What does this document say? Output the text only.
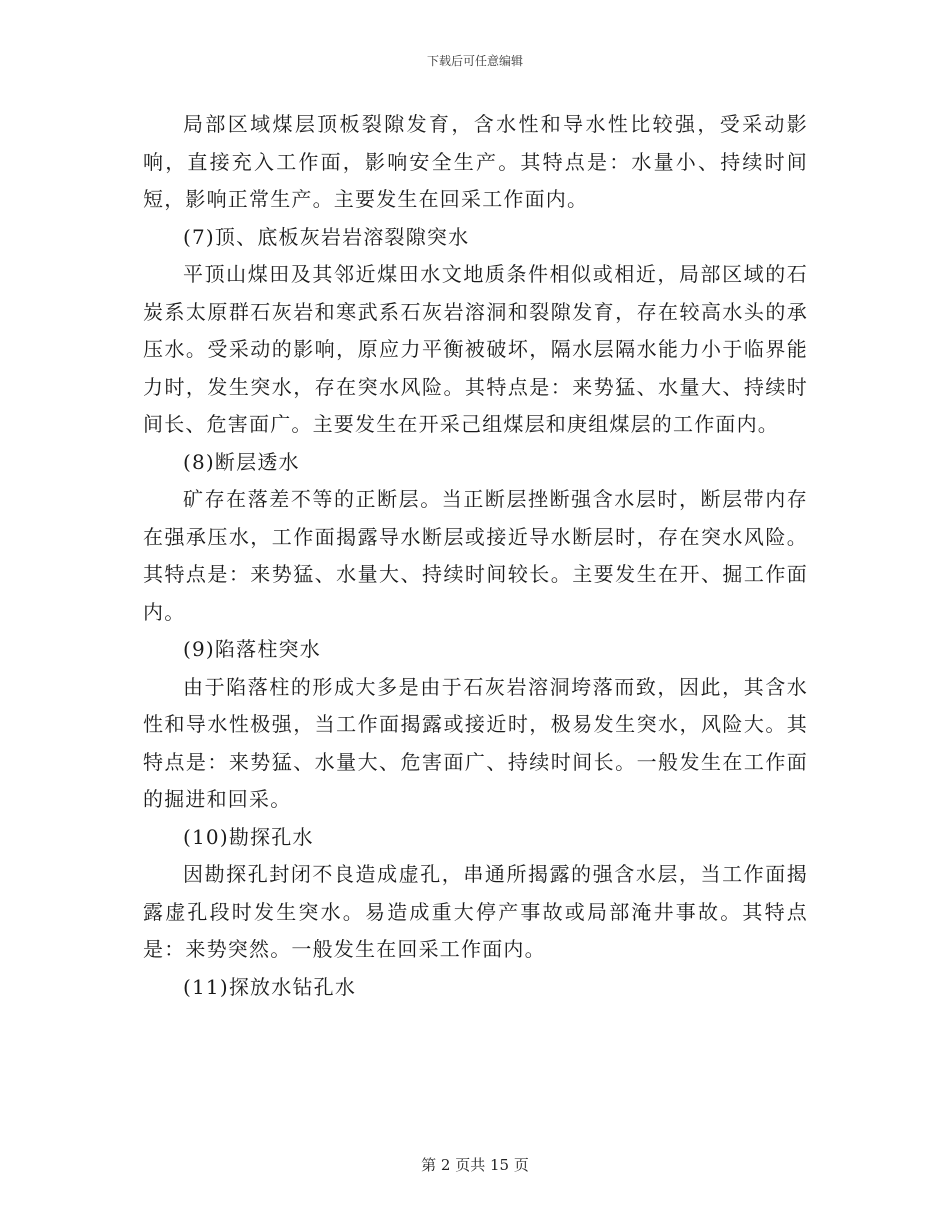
下载后可任意编辑

局部区域煤层顶板裂隙发育，含水性和导水性比较强，受采动影响，直接充入工作面，影响安全生产。其特点是：水量小、持续时间短，影响正常生产。主要发生在回采工作面内。

(7)顶、底板灰岩岩溶裂隙突水

平顶山煤田及其邻近煤田水文地质条件相似或相近，局部区域的石炭系太原群石灰岩和寒武系石灰岩溶洞和裂隙发育，存在较高水头的承压水。受采动的影响，原应力平衡被破坏，隔水层隔水能力小于临界能力时，发生突水，存在突水风险。其特点是：来势猛、水量大、持续时间长、危害面广。主要发生在开采己组煤层和庚组煤层的工作面内。

(8)断层透水

矿存在落差不等的正断层。当正断层挫断强含水层时，断层带内存在强承压水，工作面揭露导水断层或接近导水断层时，存在突水风险。其特点是：来势猛、水量大、持续时间较长。主要发生在开、掘工作面内。

(9)陷落柱突水

由于陷落柱的形成大多是由于石灰岩溶洞垮落而致，因此，其含水性和导水性极强，当工作面揭露或接近时，极易发生突水，风险大。其特点是：来势猛、水量大、危害面广、持续时间长。一般发生在工作面的掘进和回采。

(10)勘探孔水

因勘探孔封闭不良造成虚孔，串通所揭露的强含水层，当工作面揭露虚孔段时发生突水。易造成重大停产事故或局部淹井事故。其特点是：来势突然。一般发生在回采工作面内。

(11)探放水钻孔水

第 2 页共 15 页
